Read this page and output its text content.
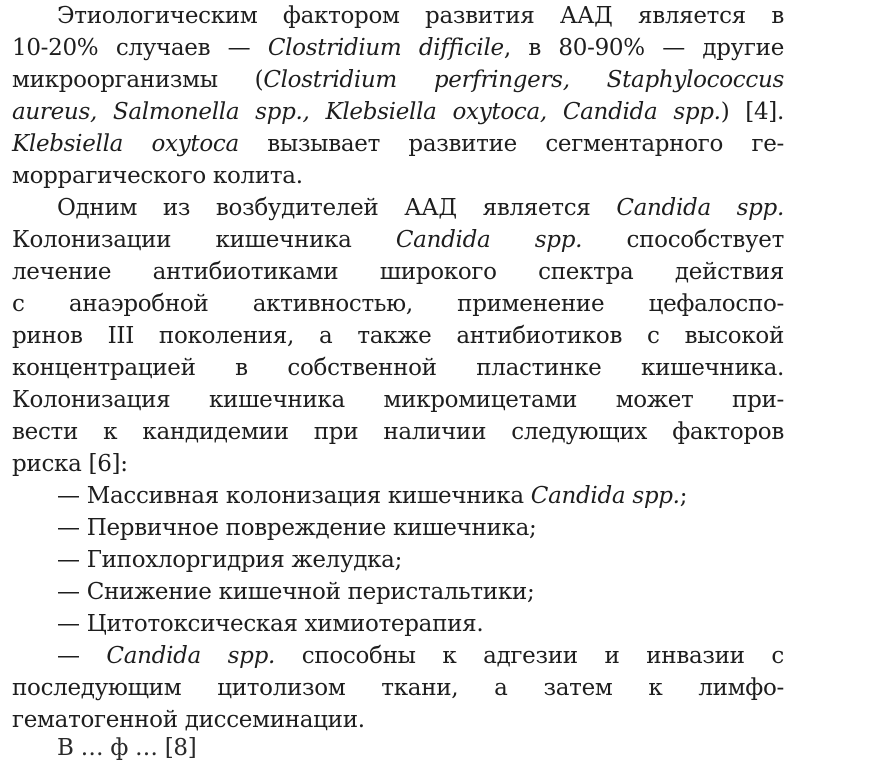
Этиологическим фактором развития ААД является в
10-20% случаев — Clostridium difficile, в 80-90% — другие
микроорганизмы (Clostridium perfringers, Staphylococcus
aureus, Salmonella spp., Klebsiella oxytoca, Candida spp.) [4].
Klebsiella oxytoca вызывает развитие сегментарного ге-
моррагического колита.
Одним из возбудителей ААД является Candida spp.
Колонизации кишечника Candida spp. способствует
лечение антибиотиками широкого спектра действия
с анаэробной активностью, применение цефалоспо-
ринов III поколения, а также антибиотиков с высокой
концентрацией в собственной пластинке кишечника.
Колонизация кишечника микромицетами может при-
вести к кандидемии при наличии следующих факторов
риска [6]:
— Массивная колонизация кишечника Candida spp.;
— Первичное повреждение кишечника;
— Гипохлоргидрия желудка;
— Снижение кишечной перистальтики;
— Цитотоксическая химиотерапия.
— Candida spp. способны к адгезии и инвазии с
последующим цитолизом ткани, а затем к лимфо-
гематогенной диссеминации.
В … ф … [8]
